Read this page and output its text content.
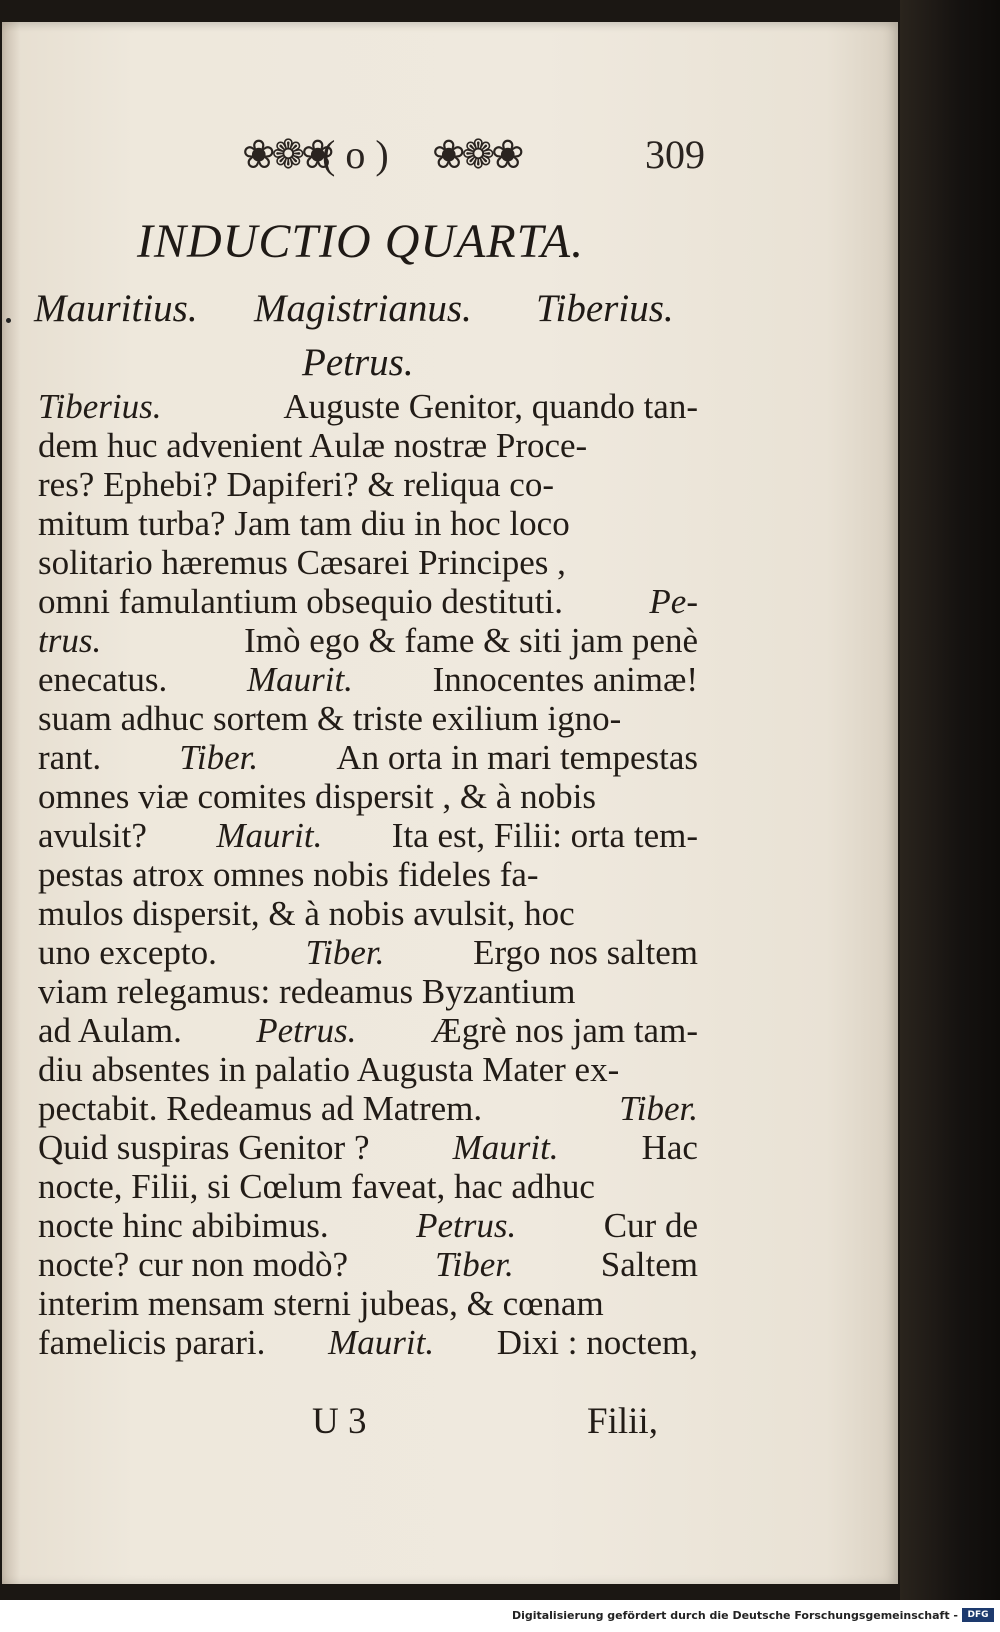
❀❁❀
( o ) ❀❁❀	309
INDUCTIO QUARTA.
Mauritius. Magistrianus. Tiberius.
Petrus.
Tiberius.	Auguste Genitor, quando tan-
dem huc advenient Aulæ nostræ Proce-
res? Ephebi? Dapiferi? & reliqua co-
mitum turba? Jam tam diu in hoc loco
solitario hæremus Cæsarei Principes ,
omni famulantium obsequio destituti. Pe-
trus.	Imò ego & fame & siti jam penè
enecatus. Maurit. Innocentes animæ!
suam adhuc sortem & triste exilium igno-
rant. Tiber. An orta in mari tempestas
omnes viæ comites dispersit , & à nobis
avulsit? Maurit. Ita est, Filii: orta tem-
pestas atrox omnes nobis fideles fa-
mulos dispersit, & à nobis avulsit, hoc
uno excepto.	Tiber.	Ergo nos saltem
viam relegamus: redeamus Byzantium
ad Aulam. Petrus. Ægrè nos jam tam-
diu absentes in palatio Augusta Mater ex-
pectabit. Redeamus ad Matrem.	Tiber.
Quid suspiras Genitor ? Maurit. Hac
nocte, Filii, si Cœlum faveat, hac adhuc
nocte hinc abibimus. Petrus. Cur de
nocte? cur non modò? Tiber. Saltem
interim mensam sterni jubeas, & cœnam
famelicis parari. Maurit. Dixi : noctem,
U 3	Filii,
Digitalisierung gefördert durch die Deutsche Forschungsgemeinschaft -	DFG
